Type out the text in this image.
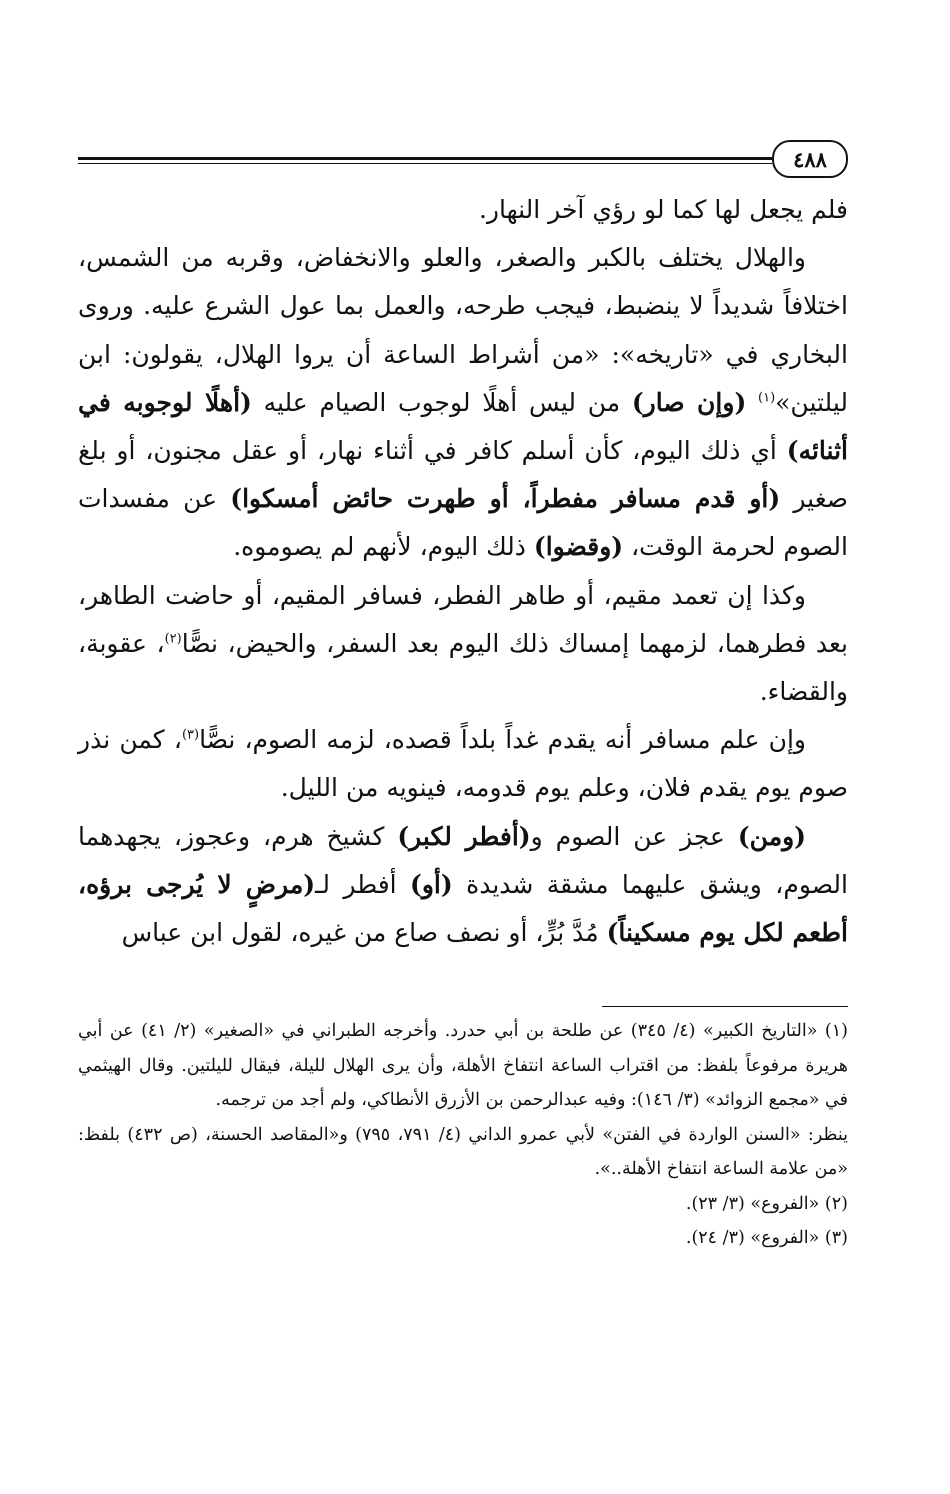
٤٨٨

فلم يجعل لها كما لو رؤي آخر النهار.

والهلال يختلف بالكبر والصغر، والعلو والانخفاض، وقربه من الشمس، اختلافاً شديداً لا ينضبط، فيجب طرحه، والعمل بما عول الشرع عليه. وروى البخاري في «تاريخه»: «من أشراط الساعة أن يروا الهلال، يقولون: ابن ليلتين»$^{(١)}$ (وإن صار) من ليس أهلًا لوجوب الصيام عليه (أهلًا لوجوبه في أثنائه) أي ذلك اليوم، كأن أسلم كافر في أثناء نهار، أو عقل مجنون، أو بلغ صغير (أو قدم مسافر مفطراً، أو طهرت حائض أمسكوا) عن مفسدات الصوم لحرمة الوقت، (وقضوا) ذلك اليوم، لأنهم لم يصوموه.

وكذا إن تعمد مقيم، أو طاهر الفطر، فسافر المقيم، أو حاضت الطاهر، بعد فطرهما، لزمهما إمساك ذلك اليوم بعد السفر، والحيض، نصًّا$^{(٢)}$، عقوبة، والقضاء.

وإن علم مسافر أنه يقدم غداً بلداً قصده، لزمه الصوم، نصًّا$^{(٣)}$، كمن نذر صوم يوم يقدم فلان، وعلم يوم قدومه، فينويه من الليل.

(ومن) عجز عن الصوم و(أفطر لكبر) كشيخ هرم، وعجوز، يجهدهما الصوم، ويشق عليهما مشقة شديدة (أو) أفطر لـ(مرضٍ لا يُرجى برؤه، أطعم لكل يوم مسكيناً) مُدَّ بُرٍّ، أو نصف صاع من غيره، لقول ابن عباس

(١) «التاريخ الكبير» (٤/ ٣٤٥) عن طلحة بن أبي حدرد. وأخرجه الطبراني في «الصغير» (٢/ ٤١) عن أبي هريرة مرفوعاً بلفظ: من اقتراب الساعة انتفاخ الأهلة، وأن يرى الهلال لليلة، فيقال لليلتين. وقال الهيثمي في «مجمع الزوائد» (٣/ ١٤٦): وفيه عبدالرحمن بن الأزرق الأنطاكي، ولم أجد من ترجمه.

ينظر: «السنن الواردة في الفتن» لأبي عمرو الداني (٤/ ٧٩١، ٧٩٥) و«المقاصد الحسنة، (ص ٤٣٢) بلفظ: «من علامة الساعة انتفاخ الأهلة..».

(٢) «الفروع» (٣/ ٢٣).

(٣) «الفروع» (٣/ ٢٤).
